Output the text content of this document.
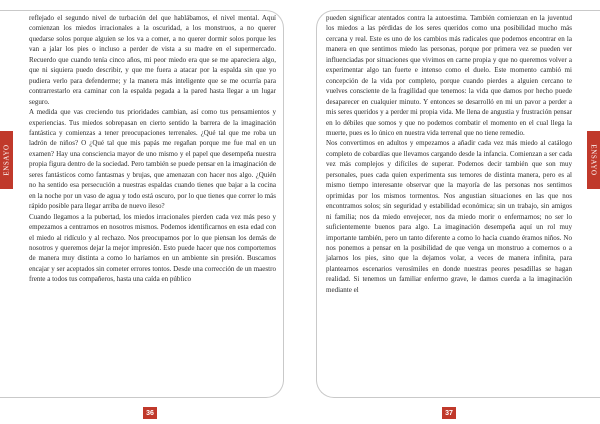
ENSAYO

reflejado el segundo nivel de turbación del que hablábamos, el nivel mental. Aquí comienzan los miedos irracionales a la oscuridad, a los monstruos, a no querer quedarse solos porque alguien se los va a comer, a no querer dormir solos porque les van a jalar los pies o incluso a perder de vista a su madre en el supermercado. Recuerdo que cuando tenía cinco años, mi peor miedo era que se me apareciera algo, que ni siquiera puedo describir, y que me fuera a atacar por la espalda sin que yo pudiera verlo para defenderme; y la manera más inteligente que se me ocurría para contrarrestarlo era caminar con la espalda pegada a la pared hasta llegar a un lugar seguro.

A medida que vas creciendo tus prioridades cambian, así como tus pensamientos y experiencias. Tus miedos sobrepasan en cierto sentido la barrera de la imaginación fantástica y comienzas a tener preocupaciones terrenales. ¿Qué tal que me roba un ladrón de niños? O ¿Qué tal que mis papás me regañan porque me fue mal en un examen? Hay una consciencia mayor de uno mismo y el papel que desempeña nuestra propia figura dentro de la sociedad. Pero también se puede pensar en la imaginación de seres fantásticos como fantasmas y brujas, que amenazan con hacer nos algo. ¿Quién no ha sentido esa persecución a nuestras espaldas cuando tienes que bajar a la cocina en la noche por un vaso de agua y todo está oscuro, por lo que tienes que correr lo más rápido posible para llegar arriba de nuevo ileso?

Cuando llegamos a la pubertad, los miedos irracionales pierden cada vez más peso y empezamos a centrarnos en nosotros mismos. Podemos identificarnos en esta edad con el miedo al ridículo y al rechazo. Nos preocupamos por lo que piensan los demás de nosotros y queremos dejar la mejor impresión. Esto puede hacer que nos comportemos de manera muy distinta a como lo haríamos en un ambiente sin presión. Buscamos encajar y ser aceptados sin cometer errores tontos. Desde una corrección de un maestro frente a todos tus compañeros, hasta una caída en público

36
ENSAYO

pueden significar atentados contra la autoestima. También comienzan en la juventud los miedos a las pérdidas de los seres queridos como una posibilidad mucho más cercana y real. Este es uno de los cambios más radicales que podemos encontrar en la manera en que sentimos miedo las personas, porque por primera vez se pueden ver influenciadas por situaciones que vivimos en carne propia y que no queremos volver a experimentar algo tan fuerte e intenso como el duelo. Este momento cambió mi concepción de la vida por completo, porque cuando pierdes a alguien cercano te vuelves consciente de la fragilidad que tenemos: la vida que damos por hecho puede desaparecer en cualquier minuto. Y entonces se desarrolló en mi un pavor a perder a mis seres queridos y a perder mi propia vida. Me llena de angustia y frustración pensar en lo débiles que somos y que no podemos combatir el momento en el cual llega la muerte, pues es lo único en nuestra vida terrenal que no tiene remedio.

Nos convertimos en adultos y empezamos a añadir cada vez más miedo al catálogo completo de cobardías que llevamos cargando desde la infancia. Comienzan a ser cada vez más complejos y difíciles de superar. Podemos decir también que son muy personales, pues cada quien experimenta sus temores de distinta manera, pero es al mismo tiempo interesante observar que la mayoría de las personas nos sentimos oprimidas por los mismos tormentos. Nos angustian situaciones en las que nos encontramos solos; sin seguridad y estabilidad económica; sin un trabajo, sin amigos ni familia; nos da miedo envejecer, nos da miedo morir o enfermarnos; no ser lo suficientemente buenos para algo. La imaginación desempeña aquí un rol muy importante también, pero un tanto diferente a como lo hacía cuando éramos niños. No nos ponemos a pensar en la posibilidad de que venga un monstruo a comernos o a jalarnos los pies, sino que la dejamos volar, a veces de manera infinita, para plantearnos escenarios verosímiles en donde nuestras peores pesadillas se hagan realidad. Si tenemos un familiar enfermo grave, le damos cuerda a la imaginación mediante el

37
